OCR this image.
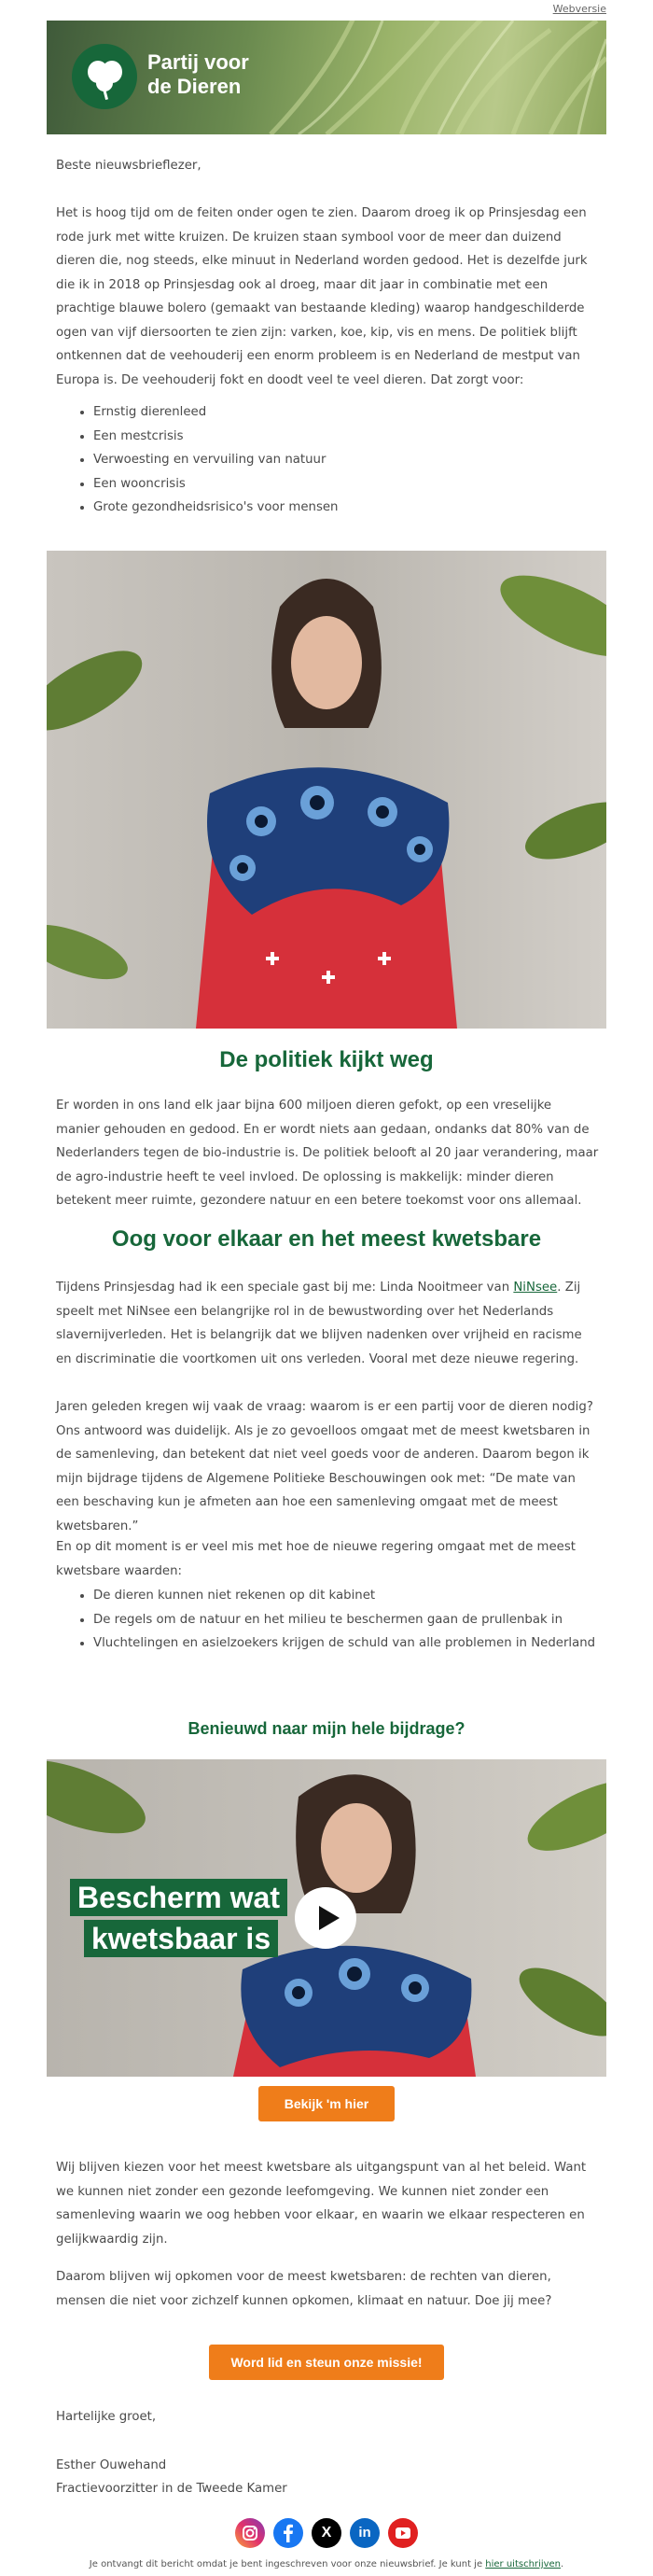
Webversie
Partij voor
de Dieren
Beste nieuwsbrieflezer,
Het is hoog tijd om de feiten onder ogen te zien. Daarom droeg ik op Prinsjesdag een rode jurk met witte kruizen. De kruizen staan symbool voor de meer dan duizend dieren die, nog steeds, elke minuut in Nederland worden gedood. Het is dezelfde jurk die ik in 2018 op Prinsjesdag ook al droeg, maar dit jaar in combinatie met een prachtige blauwe bolero (gemaakt van bestaande kleding) waarop handgeschilderde ogen van vijf diersoorten te zien zijn: varken, koe, kip, vis en mens. De politiek blijft ontkennen dat de veehouderij een enorm probleem is en Nederland de mestput van Europa is. De veehouderij fokt en doodt veel te veel dieren. Dat zorgt voor:
• Ernstig dierenleed
• Een mestcrisis
• Verwoesting en vervuiling van natuur
• Een wooncrisis
• Grote gezondheidsrisico's voor mensen
De politiek kijkt weg
Er worden in ons land elk jaar bijna 600 miljoen dieren gefokt, op een vreselijke manier gehouden en gedood. En er wordt niets aan gedaan, ondanks dat 80% van de Nederlanders tegen de bio-industrie is. De politiek belooft al 20 jaar verandering, maar de agro-industrie heeft te veel invloed. De oplossing is makkelijk: minder dieren betekent meer ruimte, gezondere natuur en een betere toekomst voor ons allemaal.
Oog voor elkaar en het meest kwetsbare
Tijdens Prinsjesdag had ik een speciale gast bij me: Linda Nooitmeer van NiNsee. Zij speelt met NiNsee een belangrijke rol in de bewustwording over het Nederlands slavernijverleden. Het is belangrijk dat we blijven nadenken over vrijheid en racisme en discriminatie die voortkomen uit ons verleden. Vooral met deze nieuwe regering.
Jaren geleden kregen wij vaak de vraag: waarom is er een partij voor de dieren nodig? Ons antwoord was duidelijk. Als je zo gevoelloos omgaat met de meest kwetsbaren in de samenleving, dan betekent dat niet veel goeds voor de anderen. Daarom begon ik mijn bijdrage tijdens de Algemene Politieke Beschouwingen ook met: “De mate van een beschaving kun je afmeten aan hoe een samenleving omgaat met de meest kwetsbaren.”
En op dit moment is er veel mis met hoe de nieuwe regering omgaat met de meest kwetsbare waarden:
• De dieren kunnen niet rekenen op dit kabinet
• De regels om de natuur en het milieu te beschermen gaan de prullenbak in
• Vluchtelingen en asielzoekers krijgen de schuld van alle problemen in Nederland
Benieuwd naar mijn hele bijdrage?
Bescherm wat
kwetsbaar is
Bekijk 'm hier
Wij blijven kiezen voor het meest kwetsbare als uitgangspunt van al het beleid. Want we kunnen niet zonder een gezonde leefomgeving. We kunnen niet zonder een samenleving waarin we oog hebben voor elkaar, en waarin we elkaar respecteren en gelijkwaardig zijn.
Daarom blijven wij opkomen voor de meest kwetsbaren: de rechten van dieren, mensen die niet voor zichzelf kunnen opkomen, klimaat en natuur. Doe jij mee?
Word lid en steun onze missie!
Hartelijke groet,
Esther Ouwehand
Fractievoorzitter in de Tweede Kamer
X	in
Je ontvangt dit bericht omdat je bent ingeschreven voor onze nieuwsbrief. Je kunt je hier uitschrijven.
